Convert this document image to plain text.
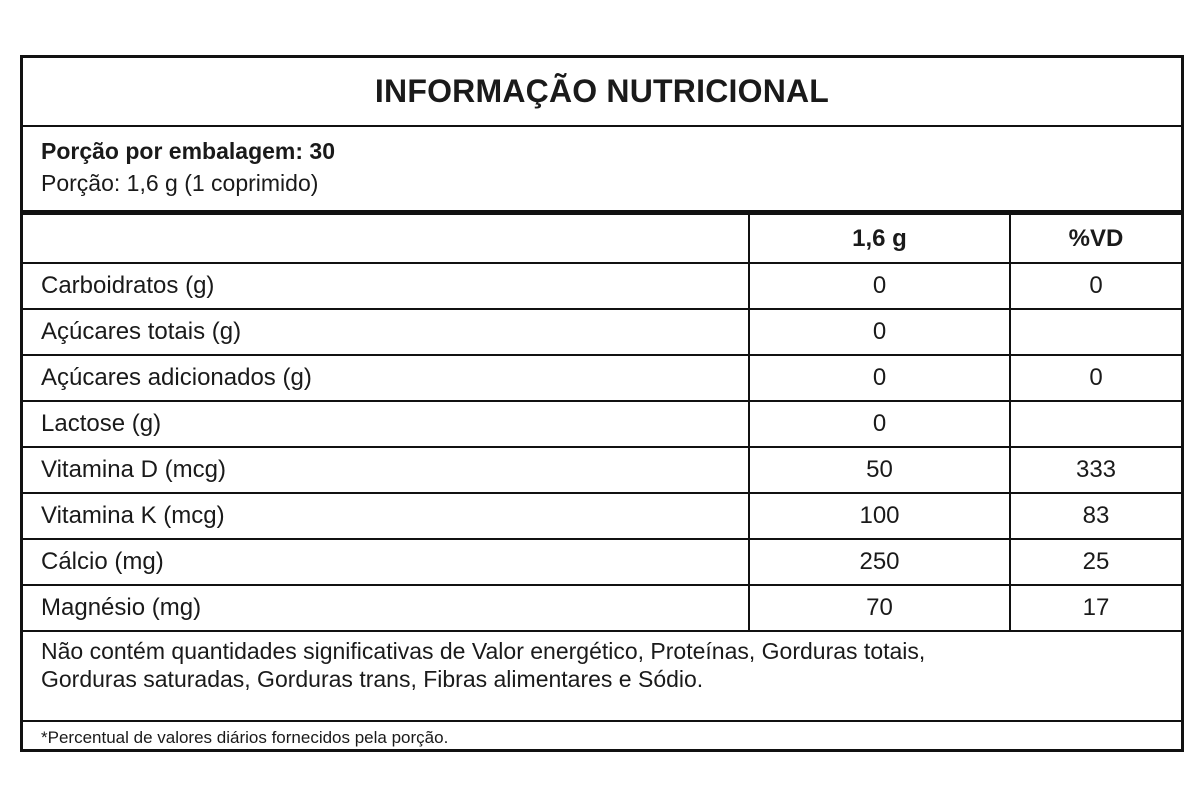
INFORMAÇÃO NUTRICIONAL
Porção por embalagem: 30
Porção: 1,6 g (1 coprimido)
	1,6 g	%VD
Carboidratos (g)	0	0
Açúcares totais (g)	0	
Açúcares adicionados (g)	0	0
Lactose (g)	0	
Vitamina D (mcg)	50	333
Vitamina K (mcg)	100	83
Cálcio (mg)	250	25
Magnésio (mg)	70	17
Não contém quantidades significativas de Valor energético, Proteínas, Gorduras totais,
Gorduras saturadas, Gorduras trans, Fibras alimentares e Sódio.
*Percentual de valores diários fornecidos pela porção.
